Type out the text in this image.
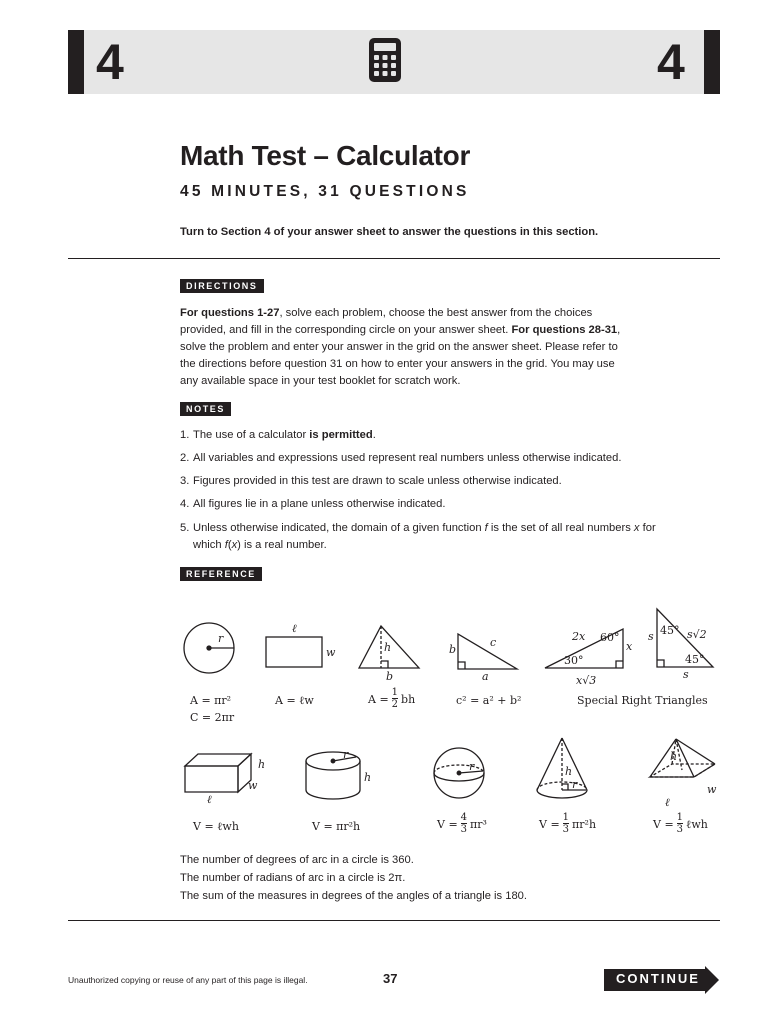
4	4
Math Test – Calculator
45 MINUTES, 31 QUESTIONS
Turn to Section 4 of your answer sheet to answer the questions in this section.
DIRECTIONS
For questions 1-27, solve each problem, choose the best answer from the choices
provided, and fill in the corresponding circle on your answer sheet. For questions 28-31,
solve the problem and enter your answer in the grid on the answer sheet. Please refer to
the directions before question 31 on how to enter your answers in the grid. You may use
any available space in your test booklet for scratch work.
NOTES
1. The use of a calculator is permitted.
2. All variables and expressions used represent real numbers unless otherwise indicated.
3. Figures provided in this test are drawn to scale unless otherwise indicated.
4. All figures lie in a plane unless otherwise indicated.
5. Unless otherwise indicated, the domain of a given function f is the set of all real numbers x for
which f(x) is a real number.
REFERENCE
r
ℓ
w	h
b
b
c
a
2x 60°
x
30°
x√3
45°
s	s√2
45°
s
h
w
ℓ
r
h
r	h
r
h
ℓ
w
A = πr²
C = 2πr
A = ℓw	$A = \frac{1}{2}$ bh	c² = a² + b²	Special Right Triangles
V = ℓwh	V = πr²h	$V = \frac{4}{3} \pi r^3$	$V = \frac{1}{3} \pi r^2h$	$V = \frac{1}{3}$ ℓwh
The number of degrees of arc in a circle is 360.
The number of radians of arc in a circle is 2π.
The sum of the measures in degrees of the angles of a triangle is 180.
Unauthorized copying or reuse of any part of this page is illegal.	37	CONTINUE
